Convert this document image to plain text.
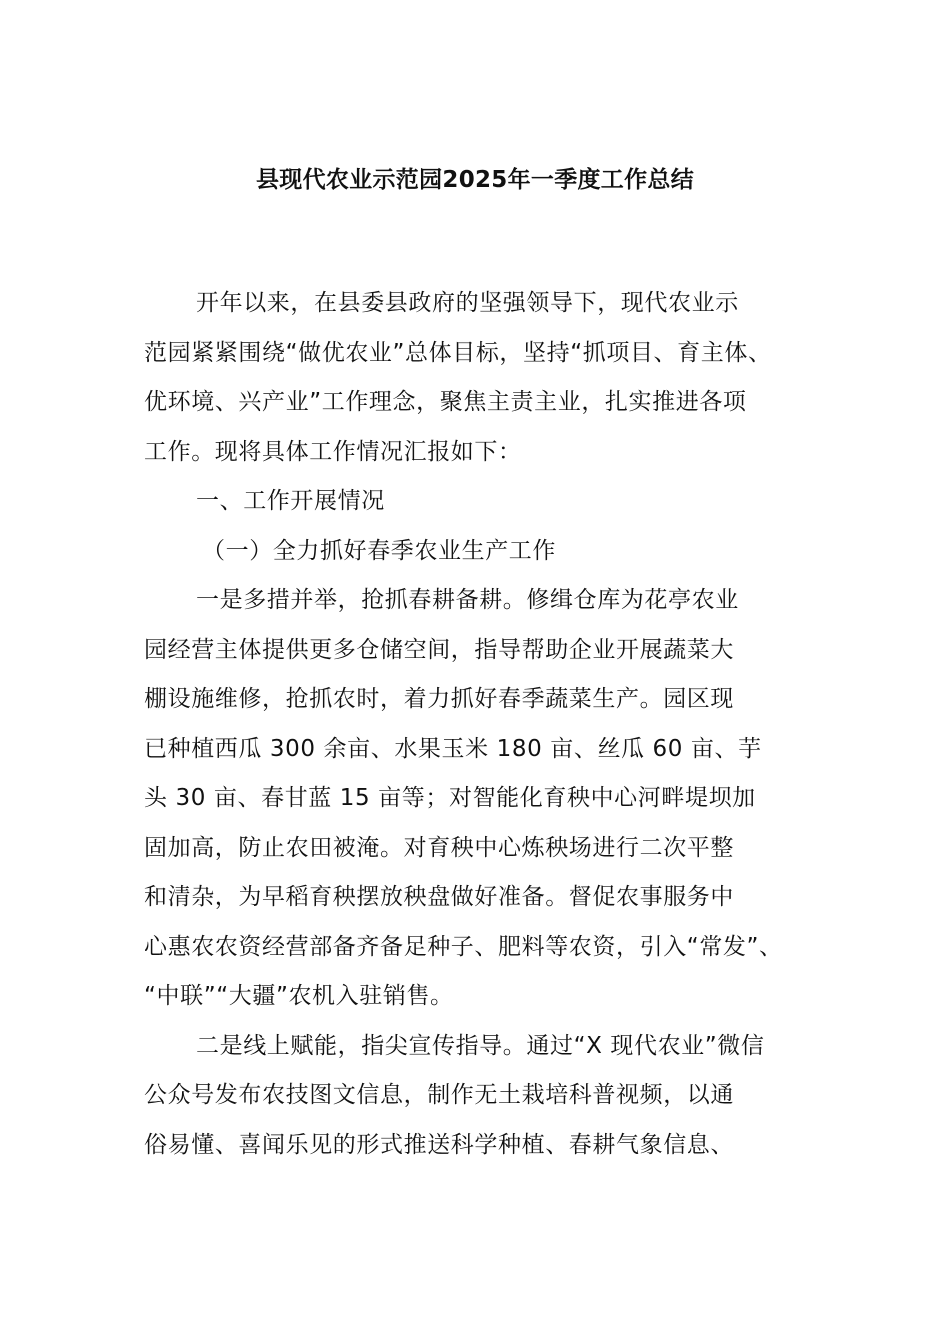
县现代农业示范园2025年一季度工作总结
开年以来，在县委县政府的坚强领导下，现代农业示
范园紧紧围绕“做优农业”总体目标，坚持“抓项目、育主体、
优环境、兴产业”工作理念，聚焦主责主业，扎实推进各项
工作。现将具体工作情况汇报如下：
一、工作开展情况
（一）全力抓好春季农业生产工作
一是多措并举，抢抓春耕备耕。修缉仓库为花亭农业
园经营主体提供更多仓储空间，指导帮助企业开展蔬菜大
棚设施维修，抢抓农时，着力抓好春季蔬菜生产。园区现
已种植西瓜 300 余亩、水果玉米 180 亩、丝瓜 60 亩、芋
头 30 亩、春甘蓝 15 亩等；对智能化育秧中心河畔堤坝加
固加高，防止农田被淹。对育秧中心炼秧场进行二次平整
和清杂，为早稻育秧摆放秧盘做好准备。督促农事服务中
心惠农农资经营部备齐备足种子、肥料等农资，引入“常发”、
“中联”“大疆”农机入驻销售。
二是线上赋能，指尖宣传指导。通过“X 现代农业”微信
公众号发布农技图文信息，制作无土栽培科普视频，以通
俗易懂、喜闻乐见的形式推送科学种植、春耕气象信息、
